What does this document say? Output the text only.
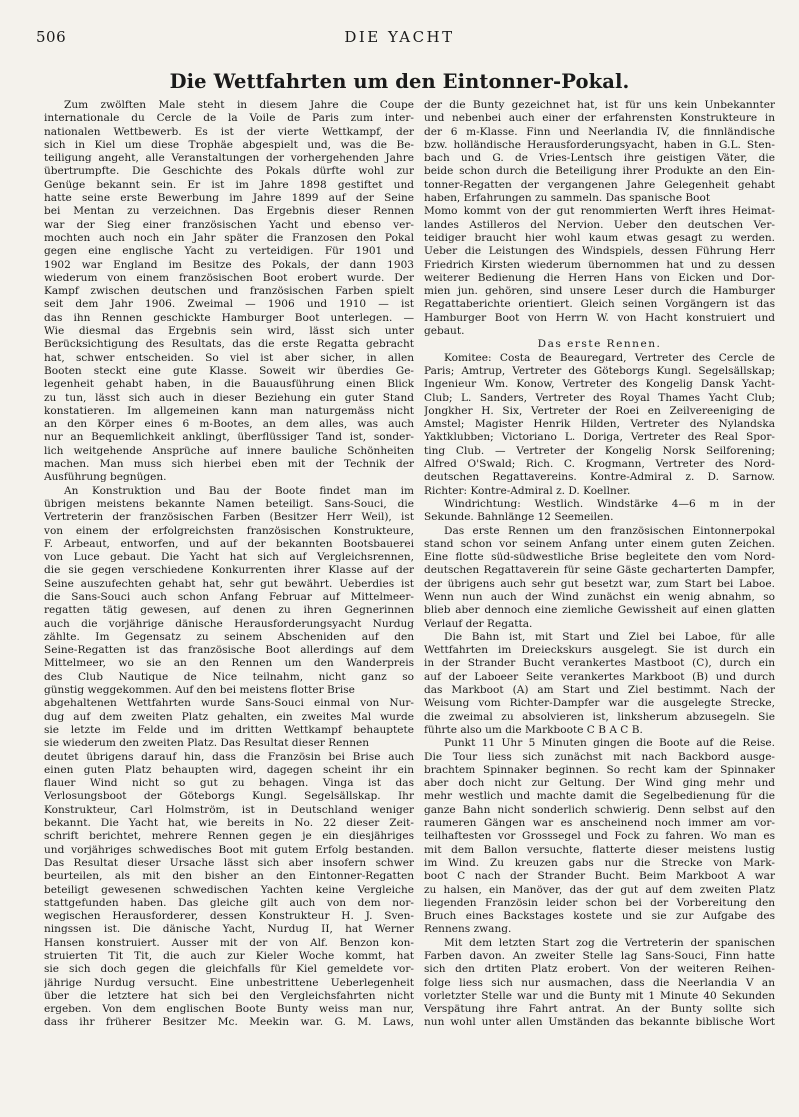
506	DIE YACHT
Die Wettfahrten um den Eintonner-Pokal.
Zum zwölften Male steht in diesem Jahre die Coupe
internationale du Cercle de la Voile de Paris zum inter-
nationalen Wettbewerb. Es ist der vierte Wettkampf, der
sich in Kiel um diese Trophäe abgespielt und, was die Be-
teiligung angeht, alle Veranstaltungen der vorhergehenden Jahre
übertrumpfte. Die Geschichte des Pokals dürfte wohl zur
Genüge bekannt sein. Er ist im Jahre 1898 gestiftet und
hatte seine erste Bewerbung im Jahre 1899 auf der Seine
bei Mentan zu verzeichnen. Das Ergebnis dieser Rennen
war der Sieg einer französischen Yacht und ebenso ver-
mochten auch noch ein Jahr später die Franzosen den Pokal
gegen eine englische Yacht zu verteidigen. Für 1901 und
1902 war England im Besitze des Pokals, der dann 1903
wiederum von einem französischen Boot erobert wurde. Der
Kampf zwischen deutschen und französischen Farben spielt
seit dem Jahr 1906. Zweimal — 1906 und 1910 — ist
das ihn Rennen geschickte Hamburger Boot unterlegen. —
Wie diesmal das Ergebnis sein wird, lässt sich unter
Berücksichtigung des Resultats, das die erste Regatta gebracht
hat, schwer entscheiden. So viel ist aber sicher, in allen
Booten steckt eine gute Klasse. Soweit wir überdies Ge-
legenheit gehabt haben, in die Bauausführung einen Blick
zu tun, lässt sich auch in dieser Beziehung ein guter Stand
konstatieren. Im allgemeinen kann man naturgemäss nicht
an den Körper eines 6 m-Bootes, an dem alles, was auch
nur an Bequemlichkeit anklingt, überflüssiger Tand ist, sonder-
lich weitgehende Ansprüche auf innere bauliche Schönheiten
machen. Man muss sich hierbei eben mit der Technik der
Ausführung begnügen.
An Konstruktion und Bau der Boote findet man im
übrigen meistens bekannte Namen beteiligt. Sans-Souci, die
Vertreterin der französischen Farben (Besitzer Herr Weil), ist
von einem der erfolgreichsten französischen Konstrukteure,
F. Arbeaut, entworfen, und auf der bekannten Bootsbauerei
von Luce gebaut. Die Yacht hat sich auf Vergleichsrennen,
die sie gegen verschiedene Konkurrenten ihrer Klasse auf der
Seine auszufechten gehabt hat, sehr gut bewährt. Ueberdies ist
die Sans-Souci auch schon Anfang Februar auf Mittelmeer-
regatten tätig gewesen, auf denen zu ihren Gegnerinnen
auch die vorjährige dänische Herausforderungsyacht Nurdug
zählte. Im Gegensatz zu seinem Abscheniden auf den
Seine-Regatten ist das französische Boot allerdings auf dem
Mittelmeer, wo sie an den Rennen um den Wanderpreis
des Club Nautique de Nice teilnahm, nicht ganz so
günstig weggekommen. Auf den bei meistens flotter Brise
abgehaltenen Wettfahrten wurde Sans-Souci einmal von Nur-
dug auf dem zweiten Platz gehalten, ein zweites Mal wurde
sie letzte im Felde und im dritten Wettkampf behauptete
sie wiederum den zweiten Platz. Das Resultat dieser Rennen
deutet übrigens darauf hin, dass die Französin bei Brise auch
einen guten Platz behaupten wird, dagegen scheint ihr ein
flauer Wind nicht so gut zu behagen. Vinga ist das
Verlosungsboot der Göteborgs Kungl. Segelsällskap. Ihr
Konstrukteur, Carl Holmström, ist in Deutschland weniger
bekannt. Die Yacht hat, wie bereits in No. 22 dieser Zeit-
schrift berichtet, mehrere Rennen gegen je ein diesjähriges
und vorjähriges schwedisches Boot mit gutem Erfolg bestanden.
Das Resultat dieser Ursache lässt sich aber insofern schwer
beurteilen, als mit den bisher an den Eintonner-Regatten
beteiligt gewesenen schwedischen Yachten keine Vergleiche
stattgefunden haben. Das gleiche gilt auch von dem nor-
wegischen Herausforderer, dessen Konstrukteur H. J. Sven-
ningssen ist. Die dänische Yacht, Nurdug II, hat Werner
Hansen konstruiert. Ausser mit der von Alf. Benzon kon-
struierten Tit Tit, die auch zur Kieler Woche kommt, hat
sie sich doch gegen die gleichfalls für Kiel gemeldete vor-
jährige Nurdug versucht. Eine unbestrittene Ueberlegenheit
über die letztere hat sich bei den Vergleichsfahrten nicht
ergeben. Von dem englischen Boote Bunty weiss man nur,
dass ihr früherer Besitzer Mc. Meekin war. G. M. Laws,
der die Bunty gezeichnet hat, ist für uns kein Unbekannter
und nebenbei auch einer der erfahrensten Konstrukteure in
der 6 m-Klasse. Finn und Neerlandia IV, die finnländische
bzw. holländische Herausforderungsyacht, haben in G.L. Sten-
bach und G. de Vries-Lentsch ihre geistigen Väter, die
beide schon durch die Beteiligung ihrer Produkte an den Ein-
tonner-Regatten der vergangenen Jahre Gelegenheit gehabt
haben, Erfahrungen zu sammeln. Das spanische Boot
Momo kommt von der gut renommierten Werft ihres Heimat-
landes Astilleros del Nervion. Ueber den deutschen Ver-
teidiger braucht hier wohl kaum etwas gesagt zu werden.
Ueber die Leistungen des Windspiels, dessen Führung Herr
Friedrich Kirsten wiederum übernommen hat und zu dessen
weiterer Bedienung die Herren Hans von Eicken und Dor-
mien jun. gehören, sind unsere Leser durch die Hamburger
Regattaberichte orientiert. Gleich seinen Vorgängern ist das
Hamburger Boot von Herrn W. von Hacht konstruiert und
gebaut.
Das erste Rennen.
Komitee: Costa de Beauregard, Vertreter des Cercle de
Paris; Amtrup, Vertreter des Göteborgs Kungl. Segelsällskap;
Ingenieur Wm. Konow, Vertreter des Kongelig Dansk Yacht-
Club; L. Sanders, Vertreter des Royal Thames Yacht Club;
Jongkher H. Six, Vertreter der Roei en Zeilvereeniging de
Amstel; Magister Henrik Hilden, Vertreter des Nylandska
Yaktklubben; Victoriano L. Doriga, Vertreter des Real Spor-
ting Club. — Vertreter der Kongelig Norsk Seilforening;
Alfred O'Swald; Rich. C. Krogmann, Vertreter des Nord-
deutschen Regattavereins. Kontre-Admiral z. D. Sarnow.
Richter: Kontre-Admiral z. D. Koellner.
Windrichtung: Westlich. Windstärke 4—6 m in der
Sekunde. Bahnlänge 12 Seemeilen.
Das erste Rennen um den französischen Eintonnerpokal
stand schon vor seinem Anfang unter einem guten Zeichen.
Eine flotte süd-südwestliche Brise begleitete den vom Nord-
deutschen Regattaverein für seine Gäste gecharterten Dampfer,
der übrigens auch sehr gut besetzt war, zum Start bei Laboe.
Wenn nun auch der Wind zunächst ein wenig abnahm, so
blieb aber dennoch eine ziemliche Gewissheit auf einen glatten
Verlauf der Regatta.
Die Bahn ist, mit Start und Ziel bei Laboe, für alle
Wettfahrten im Dreieckskurs ausgelegt. Sie ist durch ein
in der Strander Bucht verankertes Mastboot (C), durch ein
auf der Laboeer Seite verankertes Markboot (B) und durch
das Markboot (A) am Start und Ziel bestimmt. Nach der
Weisung vom Richter-Dampfer war die ausgelegte Strecke,
die zweimal zu absolvieren ist, linksherum abzusegeln. Sie
führte also um die Markboote C B A C B.
Punkt 11 Uhr 5 Minuten gingen die Boote auf die Reise.
Die Tour liess sich zunächst mit nach Backbord ausge-
brachtem Spinnaker beginnen. So recht kam der Spinnaker
aber doch nicht zur Geltung. Der Wind ging mehr und
mehr westlich und machte damit die Segelbedienung für die
ganze Bahn nicht sonderlich schwierig. Denn selbst auf den
raumeren Gängen war es anscheinend noch immer am vor-
teilhaftesten vor Grosssegel und Fock zu fahren. Wo man es
mit dem Ballon versuchte, flatterte dieser meistens lustig
im Wind. Zu kreuzen gabs nur die Strecke von Mark-
boot C nach der Strander Bucht. Beim Markboot A war
zu halsen, ein Manöver, das der gut auf dem zweiten Platz
liegenden Französin leider schon bei der Vorbereitung den
Bruch eines Backstages kostete und sie zur Aufgabe des
Rennens zwang.
Mit dem letzten Start zog die Vertreterin der spanischen
Farben davon. An zweiter Stelle lag Sans-Souci, Finn hatte
sich den drtiten Platz erobert. Von der weiteren Reihen-
folge liess sich nur ausmachen, dass die Neerlandia V an
vorletzter Stelle war und die Bunty mit 1 Minute 40 Sekunden
Verspätung ihre Fahrt antrat. An der Bunty sollte sich
nun wohl unter allen Umständen das bekannte biblische Wort
